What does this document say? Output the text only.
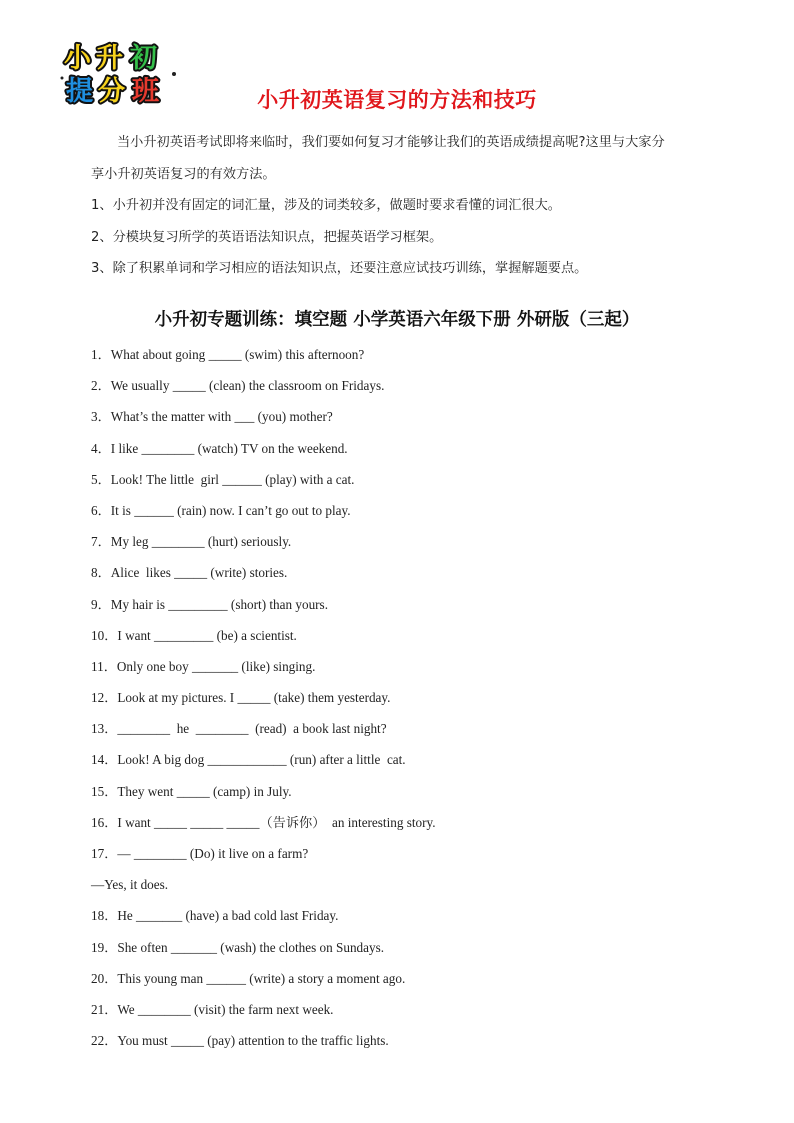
小 升 初
提 分 班	小升初英语复习的方法和技巧

当小升初英语考试即将来临时，我们要如何复习才能够让我们的英语成绩提高呢?这里与大家分

享小升初英语复习的有效方法。

1、小升初并没有固定的词汇量，涉及的词类较多，做题时要求看懂的词汇很大。

2、分模块复习所学的英语语法知识点，把握英语学习框架。

3、除了积累单词和学习相应的语法知识点，还要注意应试技巧训练，掌握解题要点。

小升初专题训练：填空题 小学英语六年级下册 外研版（三起）
1．What about going _____ (swim) this afternoon?
2．We usually _____ (clean) the classroom on Fridays.
3．What’s the matter with ___ (you) mother?
4．I like ________ (watch) TV on the weekend.
5．Look! The little  girl ______ (play) with a cat.
6．It is ______ (rain) now. I can’t go out to play.
7．My leg ________ (hurt) seriously.
8．Alice  likes _____ (write) stories.
9．My hair is _________ (short) than yours.
10．I want _________ (be) a scientist.
11．Only one boy _______ (like) singing.
12．Look at my pictures. I _____ (take) them yesterday.
13．________  he  ________  (read)  a book last night?
14．Look! A big dog ____________ (run) after a little  cat.
15．They went _____ (camp) in July.
16．I want _____ _____ _____（告诉你）  an interesting story.
17．— ________ (Do) it live on a farm?
—Yes, it does.
18．He _______ (have) a bad cold last Friday.
19．She often _______ (wash) the clothes on Sundays.
20．This young man ______ (write) a story a moment ago.
21．We ________ (visit) the farm next week.
22．You must _____ (pay) attention to the traffic lights.
